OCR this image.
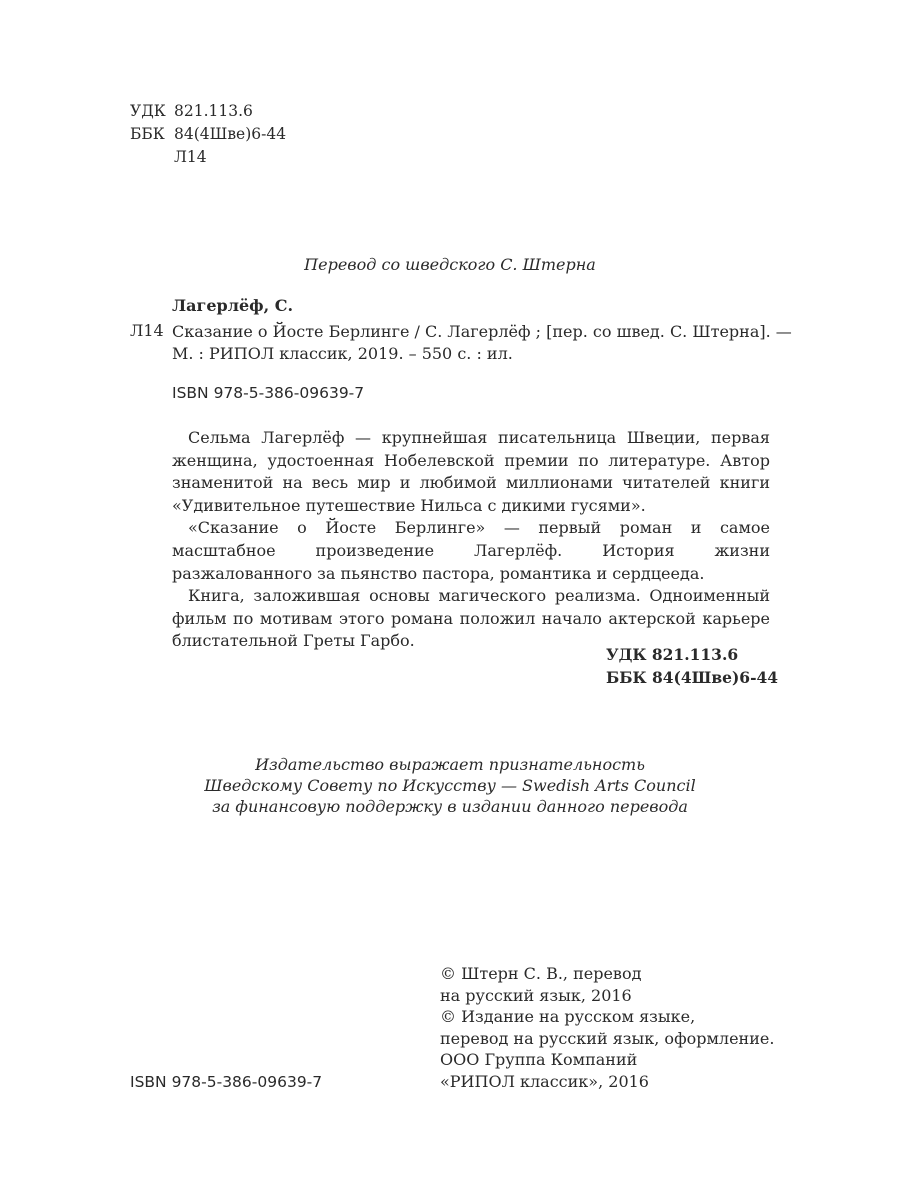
УДК 821.113.6
ББК 84(4Шве)6-44
Л14
Перевод со шведского С. Штерна
Лагерлёф, С.
Л14 Сказание о Йосте Берлинге / С. Лагерлёф ; [пер. со швед. С. Штерна]. —
М. : РИПОЛ классик, 2019. – 550 с. : ил.
ISBN 978-5-386-09639-7

Сельма Лагерлёф — крупнейшая писательница Швеции, первая женщина, удостоенная Нобелевской премии по литературе. Автор знаменитой на весь мир и любимой миллионами читателей книги «Удивительное путешествие Нильса с дикими гусями».

«Сказание о Йосте Берлинге» — первый роман и самое масштабное произведение Лагерлёф. История жизни разжалованного за пьянство пастора, романтика и сердцееда.

Книга, заложившая основы магического реализма. Одноименный фильм по мотивам этого романа положил начало актерской карьере блистательной Греты Гарбо.

УДК 821.113.6
ББК 84(4Шве)6-44
Издательство выражает признательность
Шведскому Совету по Искусству — Swedish Arts Council
за финансовую поддержку в издании данного перевода
© Штерн С. В., перевод
на русский язык, 2016
© Издание на русском языке,
перевод на русский язык, оформление.
ООО Группа Компаний
«РИПОЛ классик», 2016
ISBN 978-5-386-09639-7
